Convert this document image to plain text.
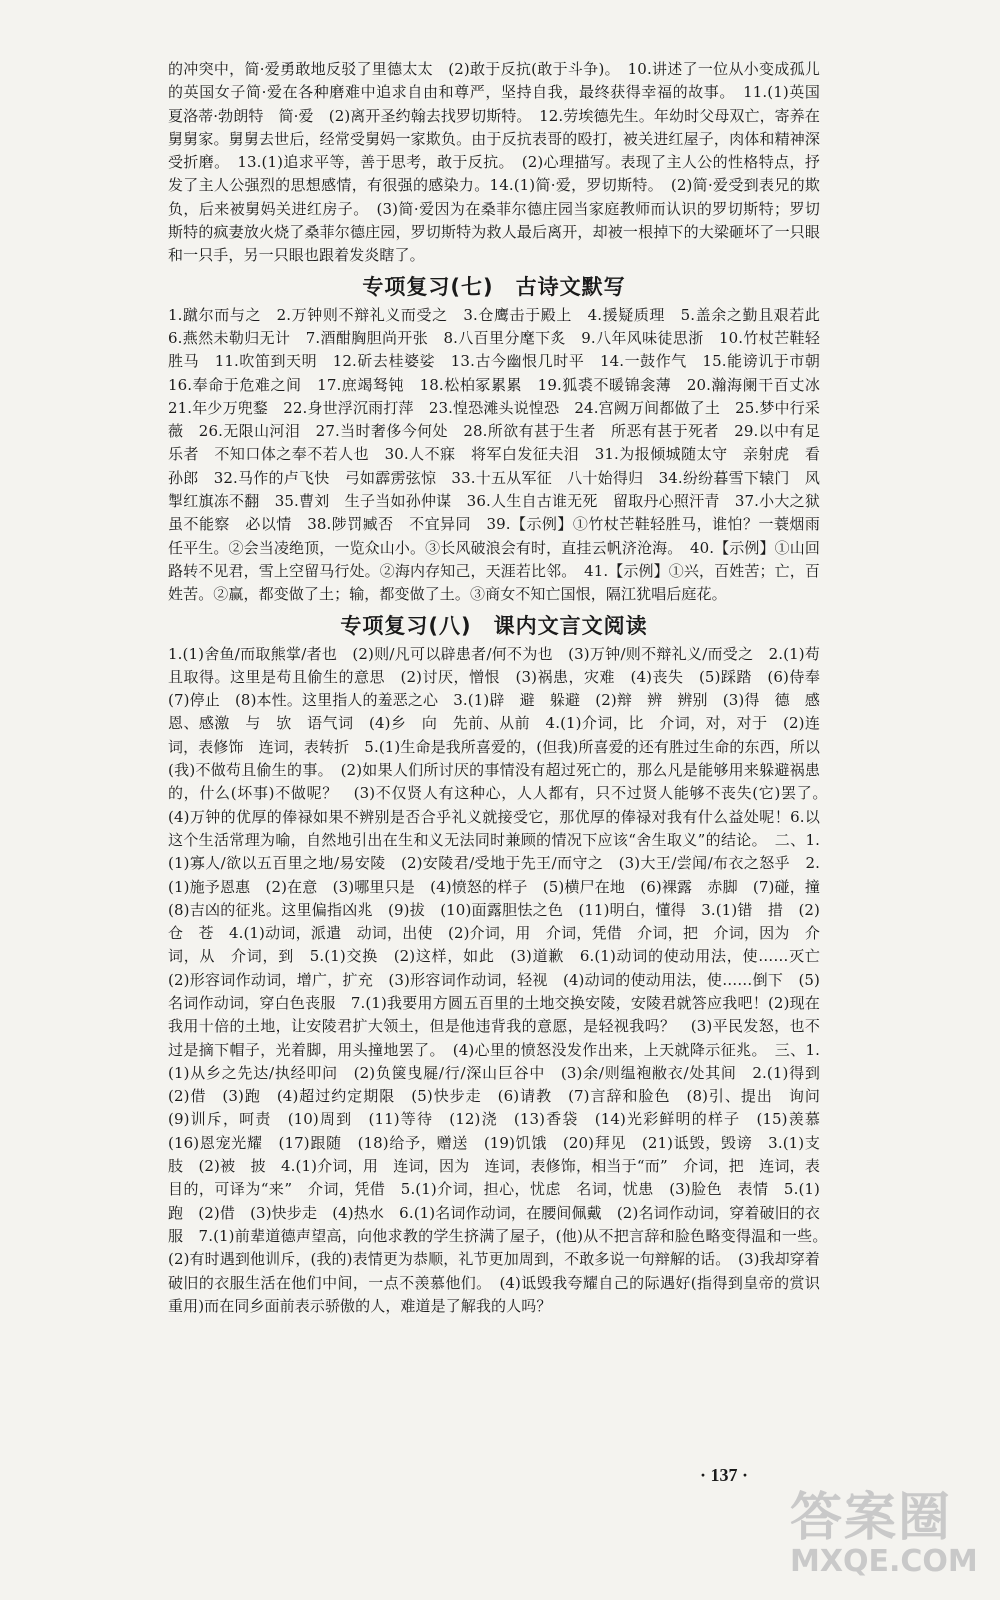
的冲突中，简·爱勇敢地反驳了里德太太　(2)敢于反抗(敢于斗争)。　10.讲述了一位从小变成孤儿的英国女子简·爱在各种磨难中追求自由和尊严，坚持自我，最终获得幸福的故事。　11.(1)英国　夏洛蒂·勃朗特　简·爱　(2)离开圣约翰去找罗切斯特。　12.劳埃德先生。年幼时父母双亡，寄养在舅舅家。舅舅去世后，经常受舅妈一家欺负。由于反抗表哥的殴打，被关进红屋子，肉体和精神深受折磨。　13.(1)追求平等，善于思考，敢于反抗。　(2)心理描写。表现了主人公的性格特点，抒发了主人公强烈的思想感情，有很强的感染力。14.(1)简·爱，罗切斯特。　(2)简·爱受到表兄的欺负，后来被舅妈关进红房子。　(3)简·爱因为在桑菲尔德庄园当家庭教师而认识的罗切斯特；罗切斯特的疯妻放火烧了桑菲尔德庄园，罗切斯特为救人最后离开，却被一根掉下的大梁砸坏了一只眼和一只手，另一只眼也跟着发炎瞎了。

专项复习(七)　古诗文默写

1.蹴尔而与之　2.万钟则不辩礼义而受之　3.仓鹰击于殿上　4.援疑质理　5.盖余之勤且艰若此　6.燕然未勒归无计　7.酒酣胸胆尚开张　8.八百里分麾下炙　9.八年风味徒思浙　10.竹杖芒鞋轻胜马　11.吹笛到天明　12.斫去桂婆娑　13.古今幽恨几时平　14.一鼓作气　15.能谤讥于市朝　16.奉命于危难之间　17.庶竭驽钝　18.松柏冢累累　19.狐裘不暖锦衾薄　20.瀚海阑干百丈冰　21.年少万兜鍪　22.身世浮沉雨打萍　23.惶恐滩头说惶恐　24.宫阙万间都做了土　25.梦中行采薇　26.无限山河泪　27.当时奢侈今何处　28.所欲有甚于生者　所恶有甚于死者　29.以中有足乐者　不知口体之奉不若人也　30.人不寐　将军白发征夫泪　31.为报倾城随太守　亲射虎　看孙郎　32.马作的卢飞快　弓如霹雳弦惊　33.十五从军征　八十始得归　34.纷纷暮雪下辕门　风掣红旗冻不翻　35.曹刘　生子当如孙仲谋　36.人生自古谁无死　留取丹心照汗青　37.小大之狱　虽不能察　必以情　38.陟罚臧否　不宜异同　39.【示例】①竹杖芒鞋轻胜马，谁怕？一蓑烟雨任平生。②会当凌绝顶，一览众山小。③长风破浪会有时，直挂云帆济沧海。　40.【示例】①山回路转不见君，雪上空留马行处。②海内存知己，天涯若比邻。　41.【示例】①兴，百姓苦；亡，百姓苦。②赢，都变做了土；输，都变做了土。③商女不知亡国恨，隔江犹唱后庭花。

专项复习(八)　课内文言文阅读

1.(1)舍鱼/而取熊掌/者也　(2)则/凡可以辟患者/何不为也　(3)万钟/则不辩礼义/而受之　2.(1)苟且取得。这里是苟且偷生的意思　(2)讨厌，憎恨　(3)祸患，灾难　(4)丧失　(5)踩踏　(6)侍奉　(7)停止　(8)本性。这里指人的羞恶之心　3.(1)辟　避　躲避　(2)辩　辨　辨别　(3)得　德　感恩、感激　与　欤　语气词　(4)乡　向　先前、从前　4.(1)介词，比　介词，对，对于　(2)连词，表修饰　连词，表转折　5.(1)生命是我所喜爱的，(但我)所喜爱的还有胜过生命的东西，所以(我)不做苟且偷生的事。　(2)如果人们所讨厌的事情没有超过死亡的，那么凡是能够用来躲避祸患的，什么(坏事)不做呢？　(3)不仅贤人有这种心，人人都有，只不过贤人能够不丧失(它)罢了。　(4)万钟的优厚的俸禄如果不辨别是否合乎礼义就接受它，那优厚的俸禄对我有什么益处呢！6.以这个生活常理为喻，自然地引出在生和义无法同时兼顾的情况下应该“舍生取义”的结论。　二、1.(1)寡人/欲以五百里之地/易安陵　(2)安陵君/受地于先王/而守之　(3)大王/尝闻/布衣之怒乎　2.(1)施予恩惠　(2)在意　(3)哪里只是　(4)愤怒的样子　(5)横尸在地　(6)裸露　赤脚　(7)碰，撞　(8)吉凶的征兆。这里偏指凶兆　(9)拔　(10)面露胆怯之色　(11)明白，懂得　3.(1)错　措　(2)仓　苍　4.(1)动词，派遣　动词，出使　(2)介词，用　介词，凭借　介词，把　介词，因为　介词，从　介词，到　5.(1)交换　(2)这样，如此　(3)道歉　6.(1)动词的使动用法，使……灭亡　(2)形容词作动词，增广，扩充　(3)形容词作动词，轻视　(4)动词的使动用法，使……倒下　(5)名词作动词，穿白色丧服　7.(1)我要用方圆五百里的土地交换安陵，安陵君就答应我吧！(2)现在我用十倍的土地，让安陵君扩大领土，但是他违背我的意愿，是轻视我吗？　(3)平民发怒，也不过是摘下帽子，光着脚，用头撞地罢了。　(4)心里的愤怒没发作出来，上天就降示征兆。　三、1.(1)从乡之先达/执经叩问　(2)负箧曳屣/行/深山巨谷中　(3)余/则缊袍敝衣/处其间　2.(1)得到　(2)借　(3)跑　(4)超过约定期限　(5)快步走　(6)请教　(7)言辞和脸色　(8)引、提出　询问　(9)训斥，呵责　(10)周到　(11)等待　(12)浇　(13)香袋　(14)光彩鲜明的样子　(15)羡慕　(16)恩宠光耀　(17)跟随　(18)给予，赠送　(19)饥饿　(20)拜见　(21)诋毁，毁谤　3.(1)支　肢　(2)被　披　4.(1)介词，用　连词，因为　连词，表修饰，相当于“而”　介词，把　连词，表目的，可译为“来”　介词，凭借　5.(1)介词，担心，忧虑　名词，忧患　(3)脸色　表情　5.(1)跑　(2)借　(3)快步走　(4)热水　6.(1)名词作动词，在腰间佩戴　(2)名词作动词，穿着破旧的衣服　7.(1)前辈道德声望高，向他求教的学生挤满了屋子，(他)从不把言辞和脸色略变得温和一些。　(2)有时遇到他训斥，(我的)表情更为恭顺，礼节更加周到，不敢多说一句辩解的话。　(3)我却穿着破旧的衣服生活在他们中间，一点不羡慕他们。　(4)诋毁我夸耀自己的际遇好(指得到皇帝的赏识重用)而在同乡面前表示骄傲的人，难道是了解我的人吗？

· 137 ·
答案圈
MXQE.COM
